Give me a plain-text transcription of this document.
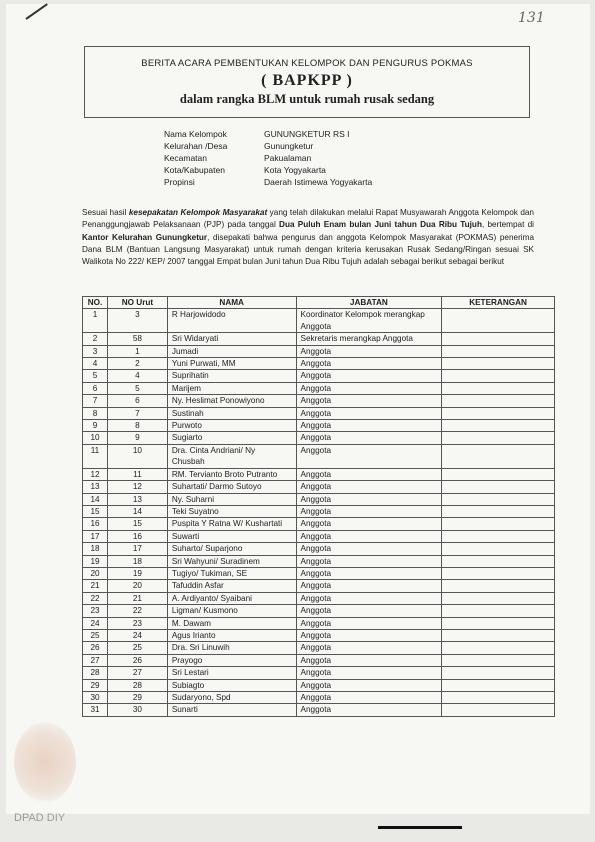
131
BERITA ACARA PEMBENTUKAN KELOMPOK DAN PENGURUS POKMAS
( BAPKPP )
dalam rangka BLM untuk rumah rusak sedang
Nama Kelompok	GUNUNGKETUR RS I
Kelurahan /Desa	Gunungketur
Kecamatan	Pakualaman
Kota/Kabupaten	Kota Yogyakarta
Propinsi	Daerah Istimewa Yogyakarta
Sesuai hasil kesepakatan Kelompok Masyarakat yang telah dilakukan melalui Rapat Musyawarah Anggota Kelompok dan Penanggungjawab Pelaksanaan (PJP) pada tanggal Dua Puluh Enam bulan Juni tahun Dua Ribu Tujuh, bertempat di Kantor Kelurahan Gunungketur, disepakati bahwa pengurus dan anggota Kelompok Masyarakat (POKMAS) penerima Dana BLM (Bantuan Langsung Masyarakat) untuk rumah dengan kriteria kerusakan Rusak Sedang/Ringan sesuai SK Walikota No 222/ KEP/ 2007 tanggal Empat bulan Juni tahun Dua Ribu Tujuh adalah sebagai berikut sebagai berikut
NO.	NO Urut	NAMA	JABATAN	KETERANGAN

1	3	R Harjowidodo	Koordinator Kelompok merangkap
Anggota	

2	58	Sri Widaryati	Sekretaris merangkap Anggota	

3	1	Jumadi	Anggota	

4	2	Yuni Purwati, MM	Anggota	

5	4	Suprihatin	Anggota	

6	5	Marijem	Anggota	

7	6	Ny. Heslimat Ponowiyono	Anggota	

8	7	Sustinah	Anggota	

9	8	Purwoto	Anggota	

10	9	Sugiarto	Anggota	

11	10	Dra. Cinta Andriani/ Ny
Chusbah	Anggota	

12	11	RM. Tervianto Broto Putranto	Anggota	

13	12	Suhartati/ Darmo Sutoyo	Anggota	

14	13	Ny. Suharni	Anggota	

15	14	Teki Suyatno	Anggota	

16	15	Puspita Y Ratna W/ Kushartati	Anggota	

17	16	Suwarti	Anggota	

18	17	Suharto/ Suparjono	Anggota	

19	18	Sri Wahyuni/ Suradinem	Anggota	

20	19	Tugiyo/ Tukiman, SE	Anggota	

21	20	Tafuddin Asfar	Anggota	

22	21	A. Ardiyanto/ Syaibani	Anggota	

23	22	Ligman/ Kusmono	Anggota	

24	23	M. Dawam	Anggota	

25	24	Agus Irianto	Anggota	

26	25	Dra. Sri Linuwih	Anggota	

27	26	Prayogo	Anggota	

28	27	Sri Lestari	Anggota	

29	28	Subiagto	Anggota	

30	29	Sudaryono, Spd	Anggota	

31	30	Sunarti	Anggota	

DPAD DIY
